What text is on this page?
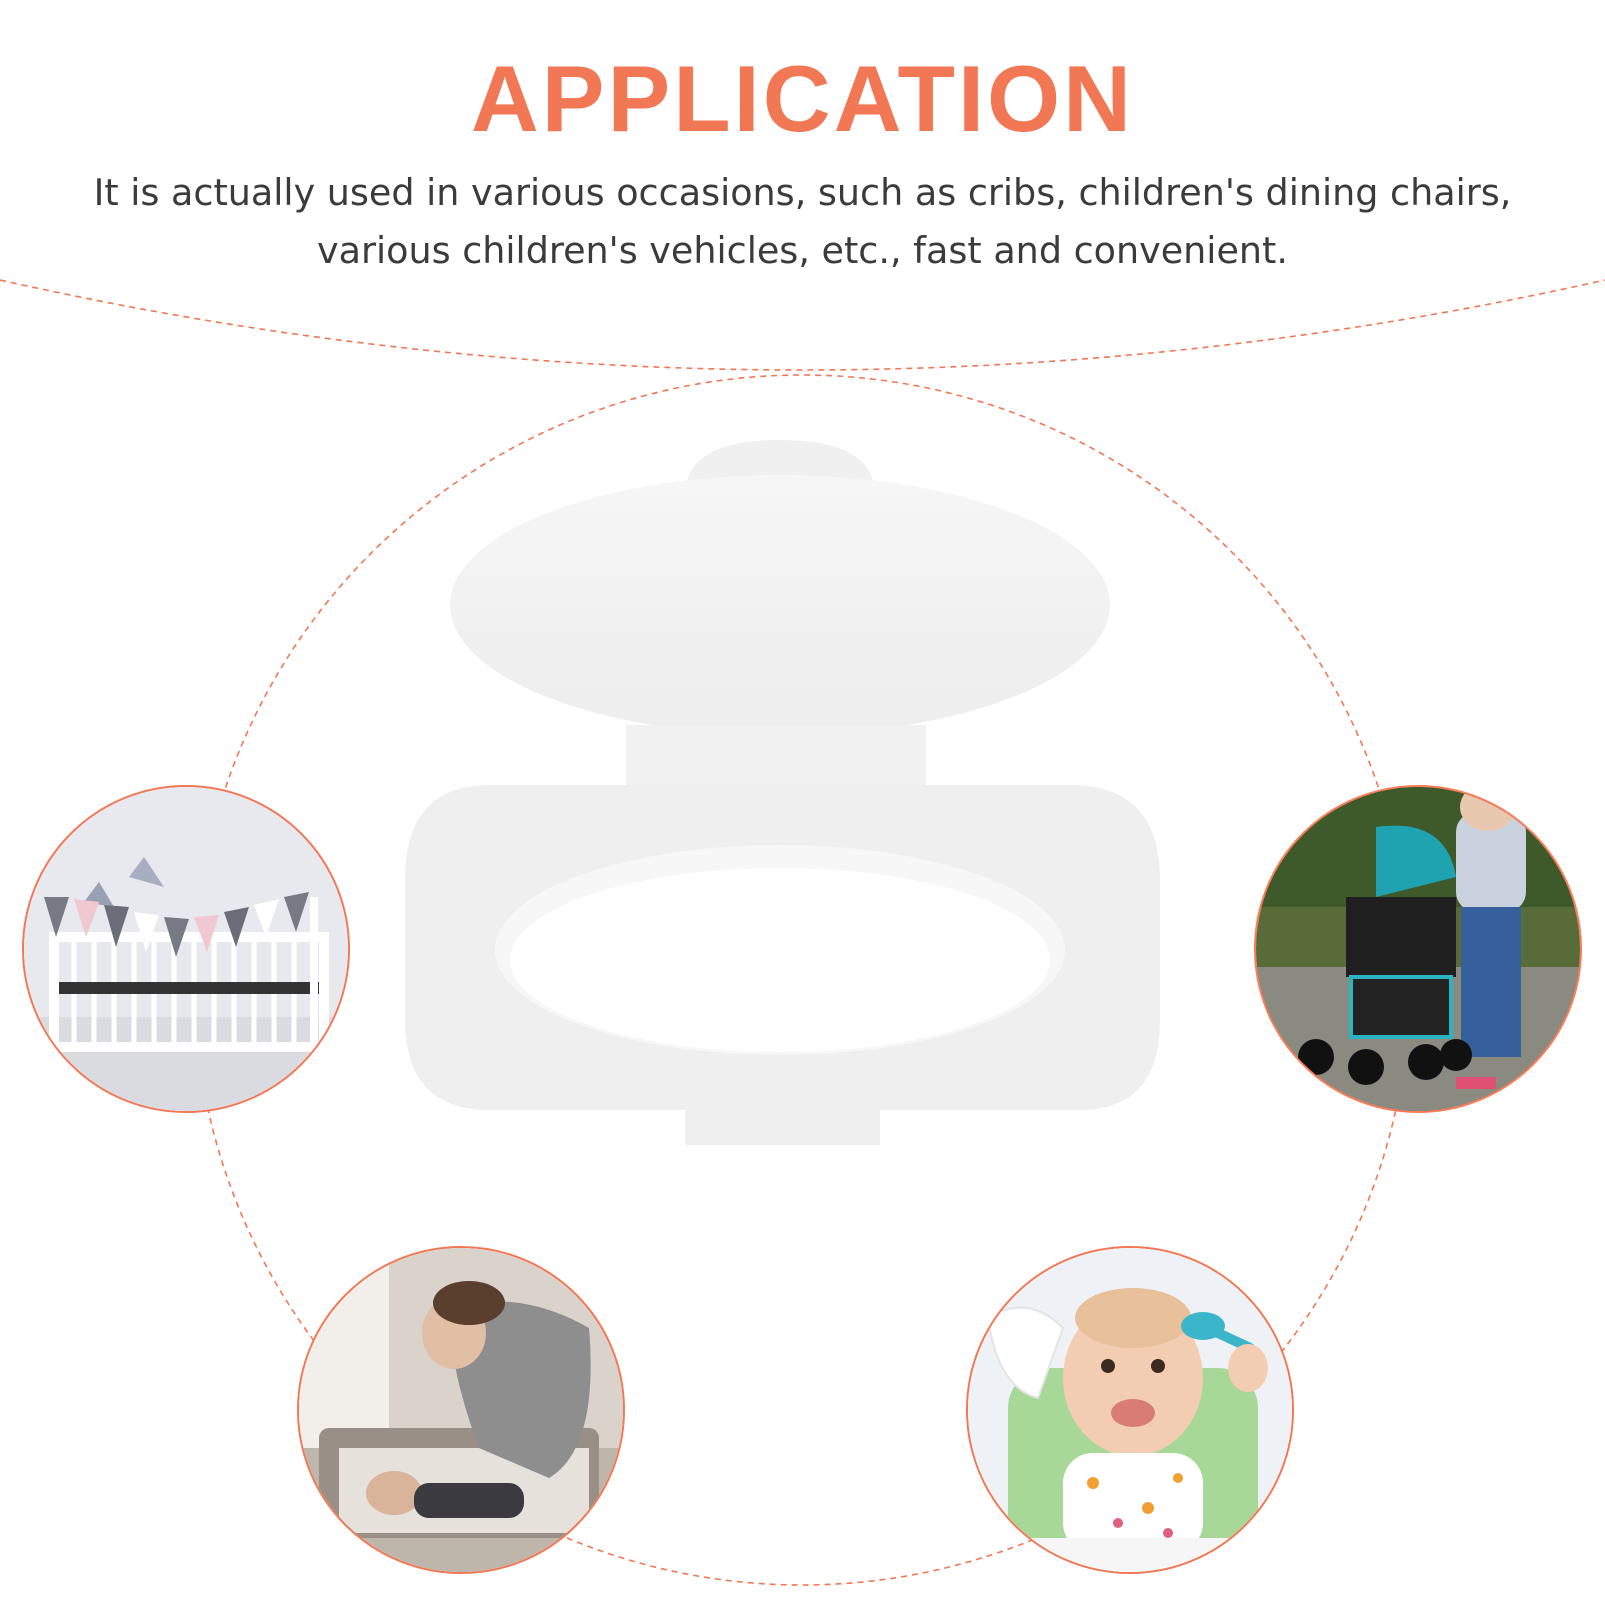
APPLICATION

It is actually used in various occasions, such as cribs, children's dining chairs,
various children's vehicles, etc., fast and convenient.
